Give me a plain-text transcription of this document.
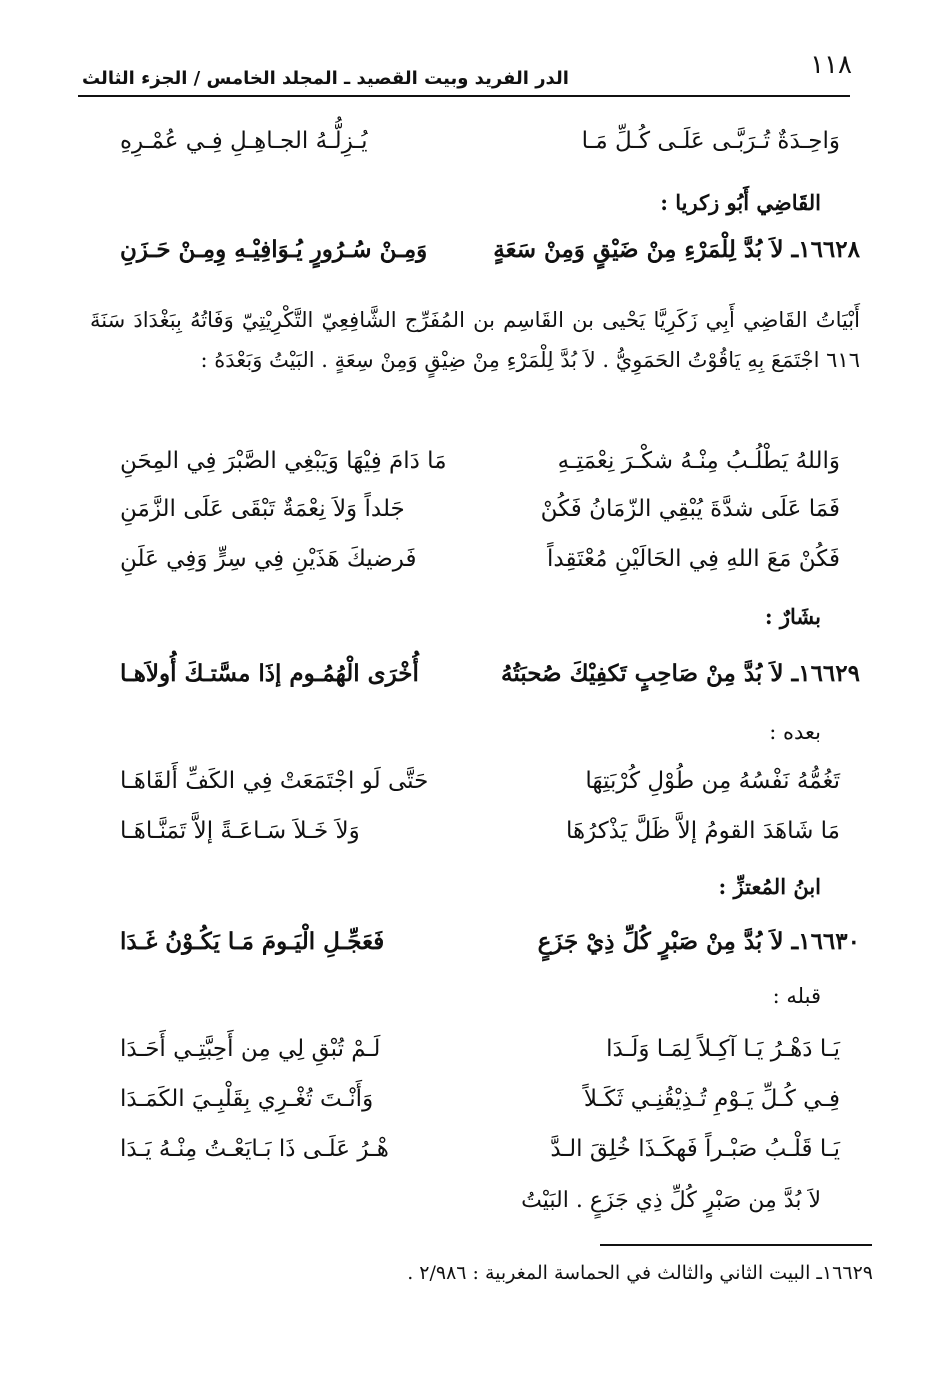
١١٨
الدر الفريد وبيت القصيد ـ المجلد الخامس / الجزء الثالث
وَاحِـدَةٌ تُـرَبَّـى عَلَـى كُـلِّ مَـا
يُـزِلُّـهُ الجـاهِـلِ فِـي عُمْـرِهِ
القَاضِي أَبُو زكريا :
١٦٦٢٨ـ لاَ بُدَّ لِلْمَرْءِ مِنْ ضَيْقٍ وَمِنْ سَعَةٍ
وَمِـنْ سُـرُورٍ يُـوَافِيْـهِ وِمِـنْ حَـزَنِ
أَبْيَاتُ القَاضِي أَبِي زَكَرِيَّا يَحْيى بن القَاسِم بن المُفَرِّج الشَّافِعِيّ التَّكْرِيْتِيّ وَفَاتُهُ بِبَغْدَادَ سَنَةَ ٦١٦ اجْتَمَعَ بِهِ يَاقُوْتُ الحَمَوِيُّ . لاَ بُدَّ لِلْمَرْءِ مِنْ ضِيْقٍ وَمِنْ سِعَةٍ . البَيْتُ وَبَعْدَهُ :
وَاللهُ يَطْلُـبُ مِنْـهُ شكْـرَ نِعْمَتِـهِ
مَا دَامَ فِيْهَا وَيَبْغِي الصَّبْرَ فِي المِحَنِ
فَمَا عَلَى شدَّةَ يُبْقِي الزّمَانُ فَكُنْ
جَلداً وَلاَ نِعْمَةٌ تَبْقَى عَلَى الزَّمَنِ
فَكُنْ مَعَ اللهِ فِي الحَالَيْنِ مُعْتَقِداً
فَرضيكَ هَذَيْنِ فِي سِرٍّ وَفِي عَلَنِ
بشَارٌ :
١٦٦٢٩ـ لاَ بُدَّ مِنْ صَاحِبٍ تَكفِيْكَ صُحبَتُهُ
أُخْرَى الْهُمُـوم إذَا مسَّتـكَ أُولاَهـا
بعده :
تَغُمُّهُ نَفْسُهُ مِن طُوْلِ كُرْبَتِهَا
حَتَّى لَو اجْتَمَعَتْ فِي الكَفِّ أَلقَاهَـا
مَا شَاهَدَ القومُ إلاَّ ظَلَّ يَذْكرُهَا
وَلاَ خَـلاَ سَـاعَـةً إلاَّ تَمَنَّـاهَـا
ابنُ المُعتزِّ :
١٦٦٣٠ـ لاَ بُدَّ مِنْ صَبْرٍ كُلِّ ذِيْ جَزَعٍ
فَعَجِّـلِ الْيَـومَ مَـا يَكُـوْنُ غَـدَا
قبله :
يَـا دَهْـرُ يَـا آكِـلاً لِمَـا وَلَـدَا
لَـمْ تُبْقِ لِي مِن أَحِبَّتِـي أَحَـدَا
فِـي كُـلِّ يَـوْمِ تُـذِيْقُنِـي ثَكَـلاً
وَأَنْـتَ تُغْـرِي بِقَلْبِـيَ الكَمَـدَا
يَـا قَلْـبُ صَبْـراً فَهكَـذَا خُلِقَ الـدَّ
هْـرُ عَلَـى ذَا بَـايَعْـتُ مِنْـهُ يَـدَا
لاَ بُدَّ مِن صَبْرٍ كُلِّ ذِي جَزَعٍ . البَيْتُ
١٦٦٢٩ـ البيت الثاني والثالث في الحماسة المغربية : ٢/٩٨٦ .
